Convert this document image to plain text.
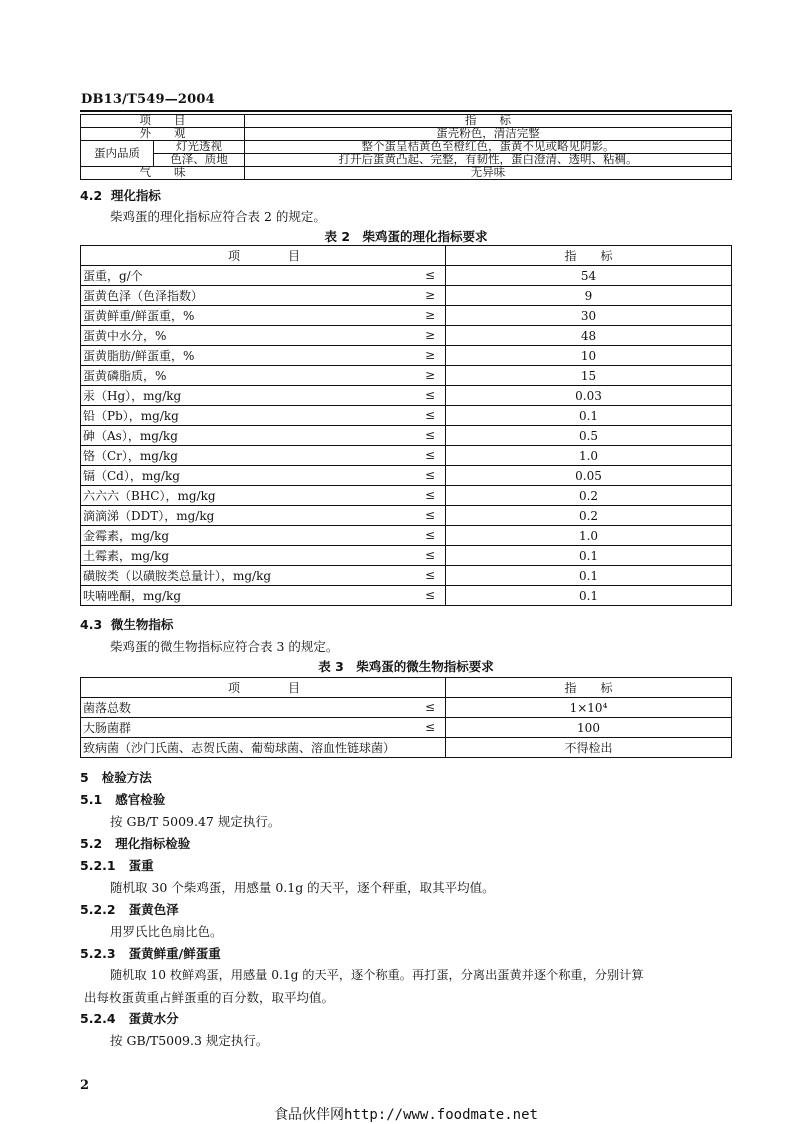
DB13/T549—2004
项　　目		指　　标
外　　观		蛋壳粉色，清洁完整
蛋内品质	灯光透视	整个蛋呈桔黄色至橙红色，蛋黄不见或略见阴影。
	色泽、质地	打开后蛋黄凸起、完整，有韧性，蛋白澄清、透明、粘稠。
气　　味		无异味
4.2 理化指标
柴鸡蛋的理化指标应符合表 2 的规定。
表 2　柴鸡蛋的理化指标要求
项　　　　目	指　　标
蛋重，g/个 ≤	54
蛋黄色泽（色泽指数） ≥	9
蛋黄鲜重/鲜蛋重，% ≥	30
蛋黄中水分，% ≥	48
蛋黄脂肪/鲜蛋重，% ≥	10
蛋黄磷脂质，% ≥	15
汞（Hg），mg/kg ≤	0.03
铅（Pb），mg/kg ≤	0.1
砷（As），mg/kg ≤	0.5
铬（Cr），mg/kg ≤	1.0
镉（Cd），mg/kg ≤	0.05
六六六（BHC），mg/kg ≤	0.2
滴滴涕（DDT），mg/kg ≤	0.2
金霉素，mg/kg ≤	1.0
土霉素，mg/kg ≤	0.1
磺胺类（以磺胺类总量计），mg/kg ≤	0.1
呋喃唑酮，mg/kg ≤	0.1
4.3 微生物指标
柴鸡蛋的微生物指标应符合表 3 的规定。
表 3　柴鸡蛋的微生物指标要求
项　　　　目	指　　标
菌落总数 ≤	1×10⁴
大肠菌群 ≤	100
致病菌（沙门氏菌、志贺氏菌、葡萄球菌、溶血性链球菌）	不得检出
5 检验方法
5.1 感官检验
按 GB/T 5009.47 规定执行。
5.2 理化指标检验
5.2.1 蛋重
随机取 30 个柴鸡蛋，用感量 0.1g 的天平，逐个秤重，取其平均值。
5.2.2 蛋黄色泽
用罗氏比色扇比色。
5.2.3 蛋黄鲜重/鲜蛋重
随机取 10 枚鲜鸡蛋，用感量 0.1g 的天平，逐个称重。再打蛋，分离出蛋黄并逐个称重，分别计算
出每枚蛋黄重占鲜蛋重的百分数，取平均值。
5.2.4 蛋黄水分
按 GB/T5009.3 规定执行。
2
食品伙伴网http://www.foodmate.net
